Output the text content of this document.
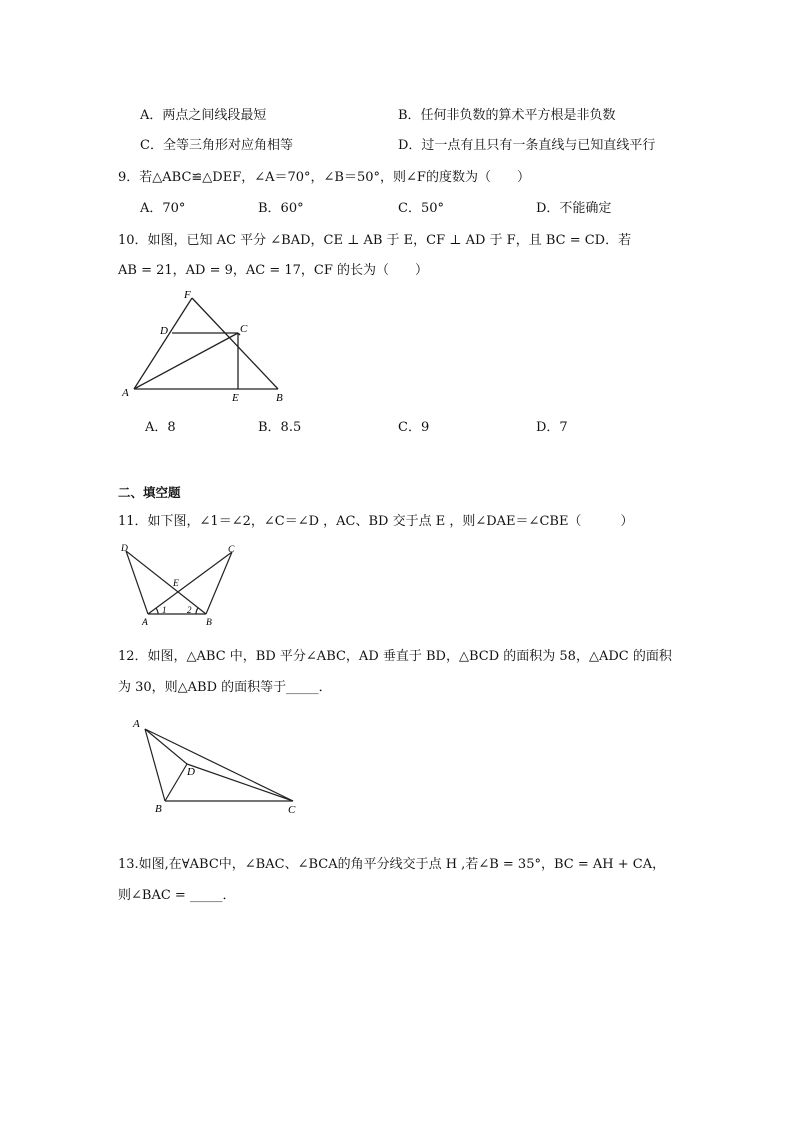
A．两点之间线段最短	B．任何非负数的算术平方根是非负数
C．全等三角形对应角相等	D．过一点有且只有一条直线与已知直线平行
9．若△ABC≌△DEF，∠A＝70°，∠B＝50°，则∠F的度数为（　　）
A．70°	B．60°	C．50°	D．不能确定
10．如图，已知 AC 平分 ∠BAD，CE ⊥ AB 于 E，CF ⊥ AD 于 F，且 BC = CD．若
AB = 21，AD = 9，AC = 17，CF 的长为（　　）
F
D	C
A	E	B
A．8	B．8.5	C．9	D．7
二、填空题
11．如下图，∠1＝∠2，∠C＝∠D ，AC、BD 交于点 E ，则∠DAE＝∠CBE（　　　）
D	C
E
A	B
1 2
12．如图，△ABC 中，BD 平分∠ABC，AD 垂直于 BD，△BCD 的面积为 58，△ADC 的面积
为 30，则△ABD 的面积等于_____．
A
D
B	C
13.如图,在∀ABC中，∠BAC、∠BCA的角平分线交于点 H ,若∠B = 35°，BC = AH + CA，
则∠BAC = _____．
